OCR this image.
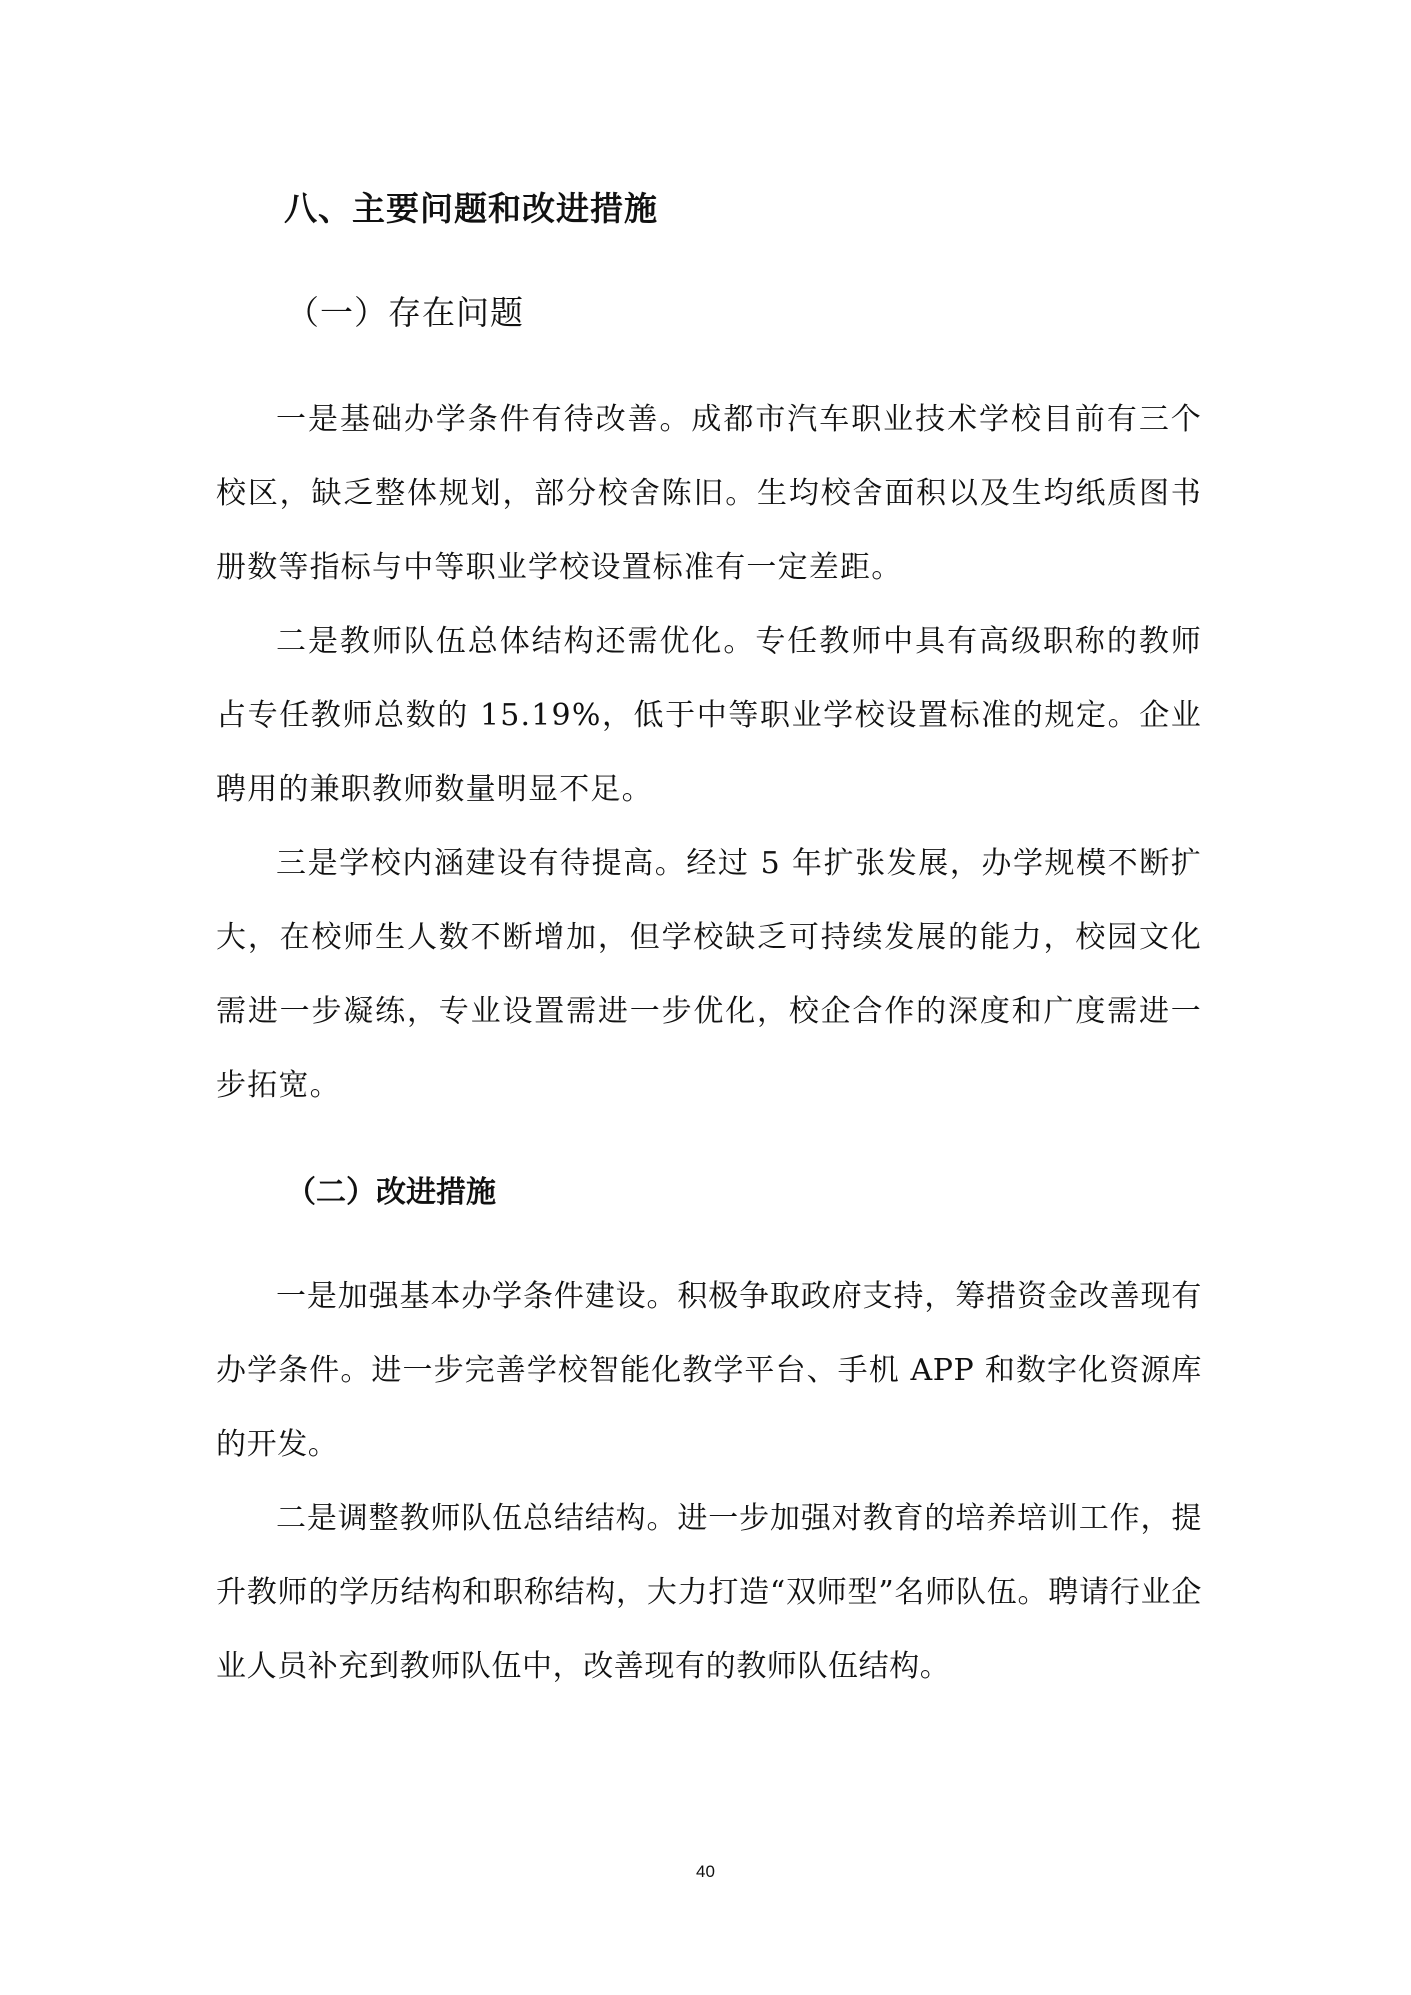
八、主要问题和改进措施
（一）存在问题

一是基础办学条件有待改善。成都市汽车职业技术学校目前有三个校区，缺乏整体规划，部分校舍陈旧。生均校舍面积以及生均纸质图书册数等指标与中等职业学校设置标准有一定差距。

二是教师队伍总体结构还需优化。专任教师中具有高级职称的教师占专任教师总数的 15.19%，低于中等职业学校设置标准的规定。企业聘用的兼职教师数量明显不足。

三是学校内涵建设有待提高。经过 5 年扩张发展，办学规模不断扩大，在校师生人数不断增加，但学校缺乏可持续发展的能力，校园文化需进一步凝练，专业设置需进一步优化，校企合作的深度和广度需进一步拓宽。

（二）改进措施

一是加强基本办学条件建设。积极争取政府支持，筹措资金改善现有办学条件。进一步完善学校智能化教学平台、手机 APP 和数字化资源库的开发。

二是调整教师队伍总结结构。进一步加强对教育的培养培训工作，提升教师的学历结构和职称结构，大力打造“双师型”名师队伍。聘请行业企业人员补充到教师队伍中，改善现有的教师队伍结构。

40
